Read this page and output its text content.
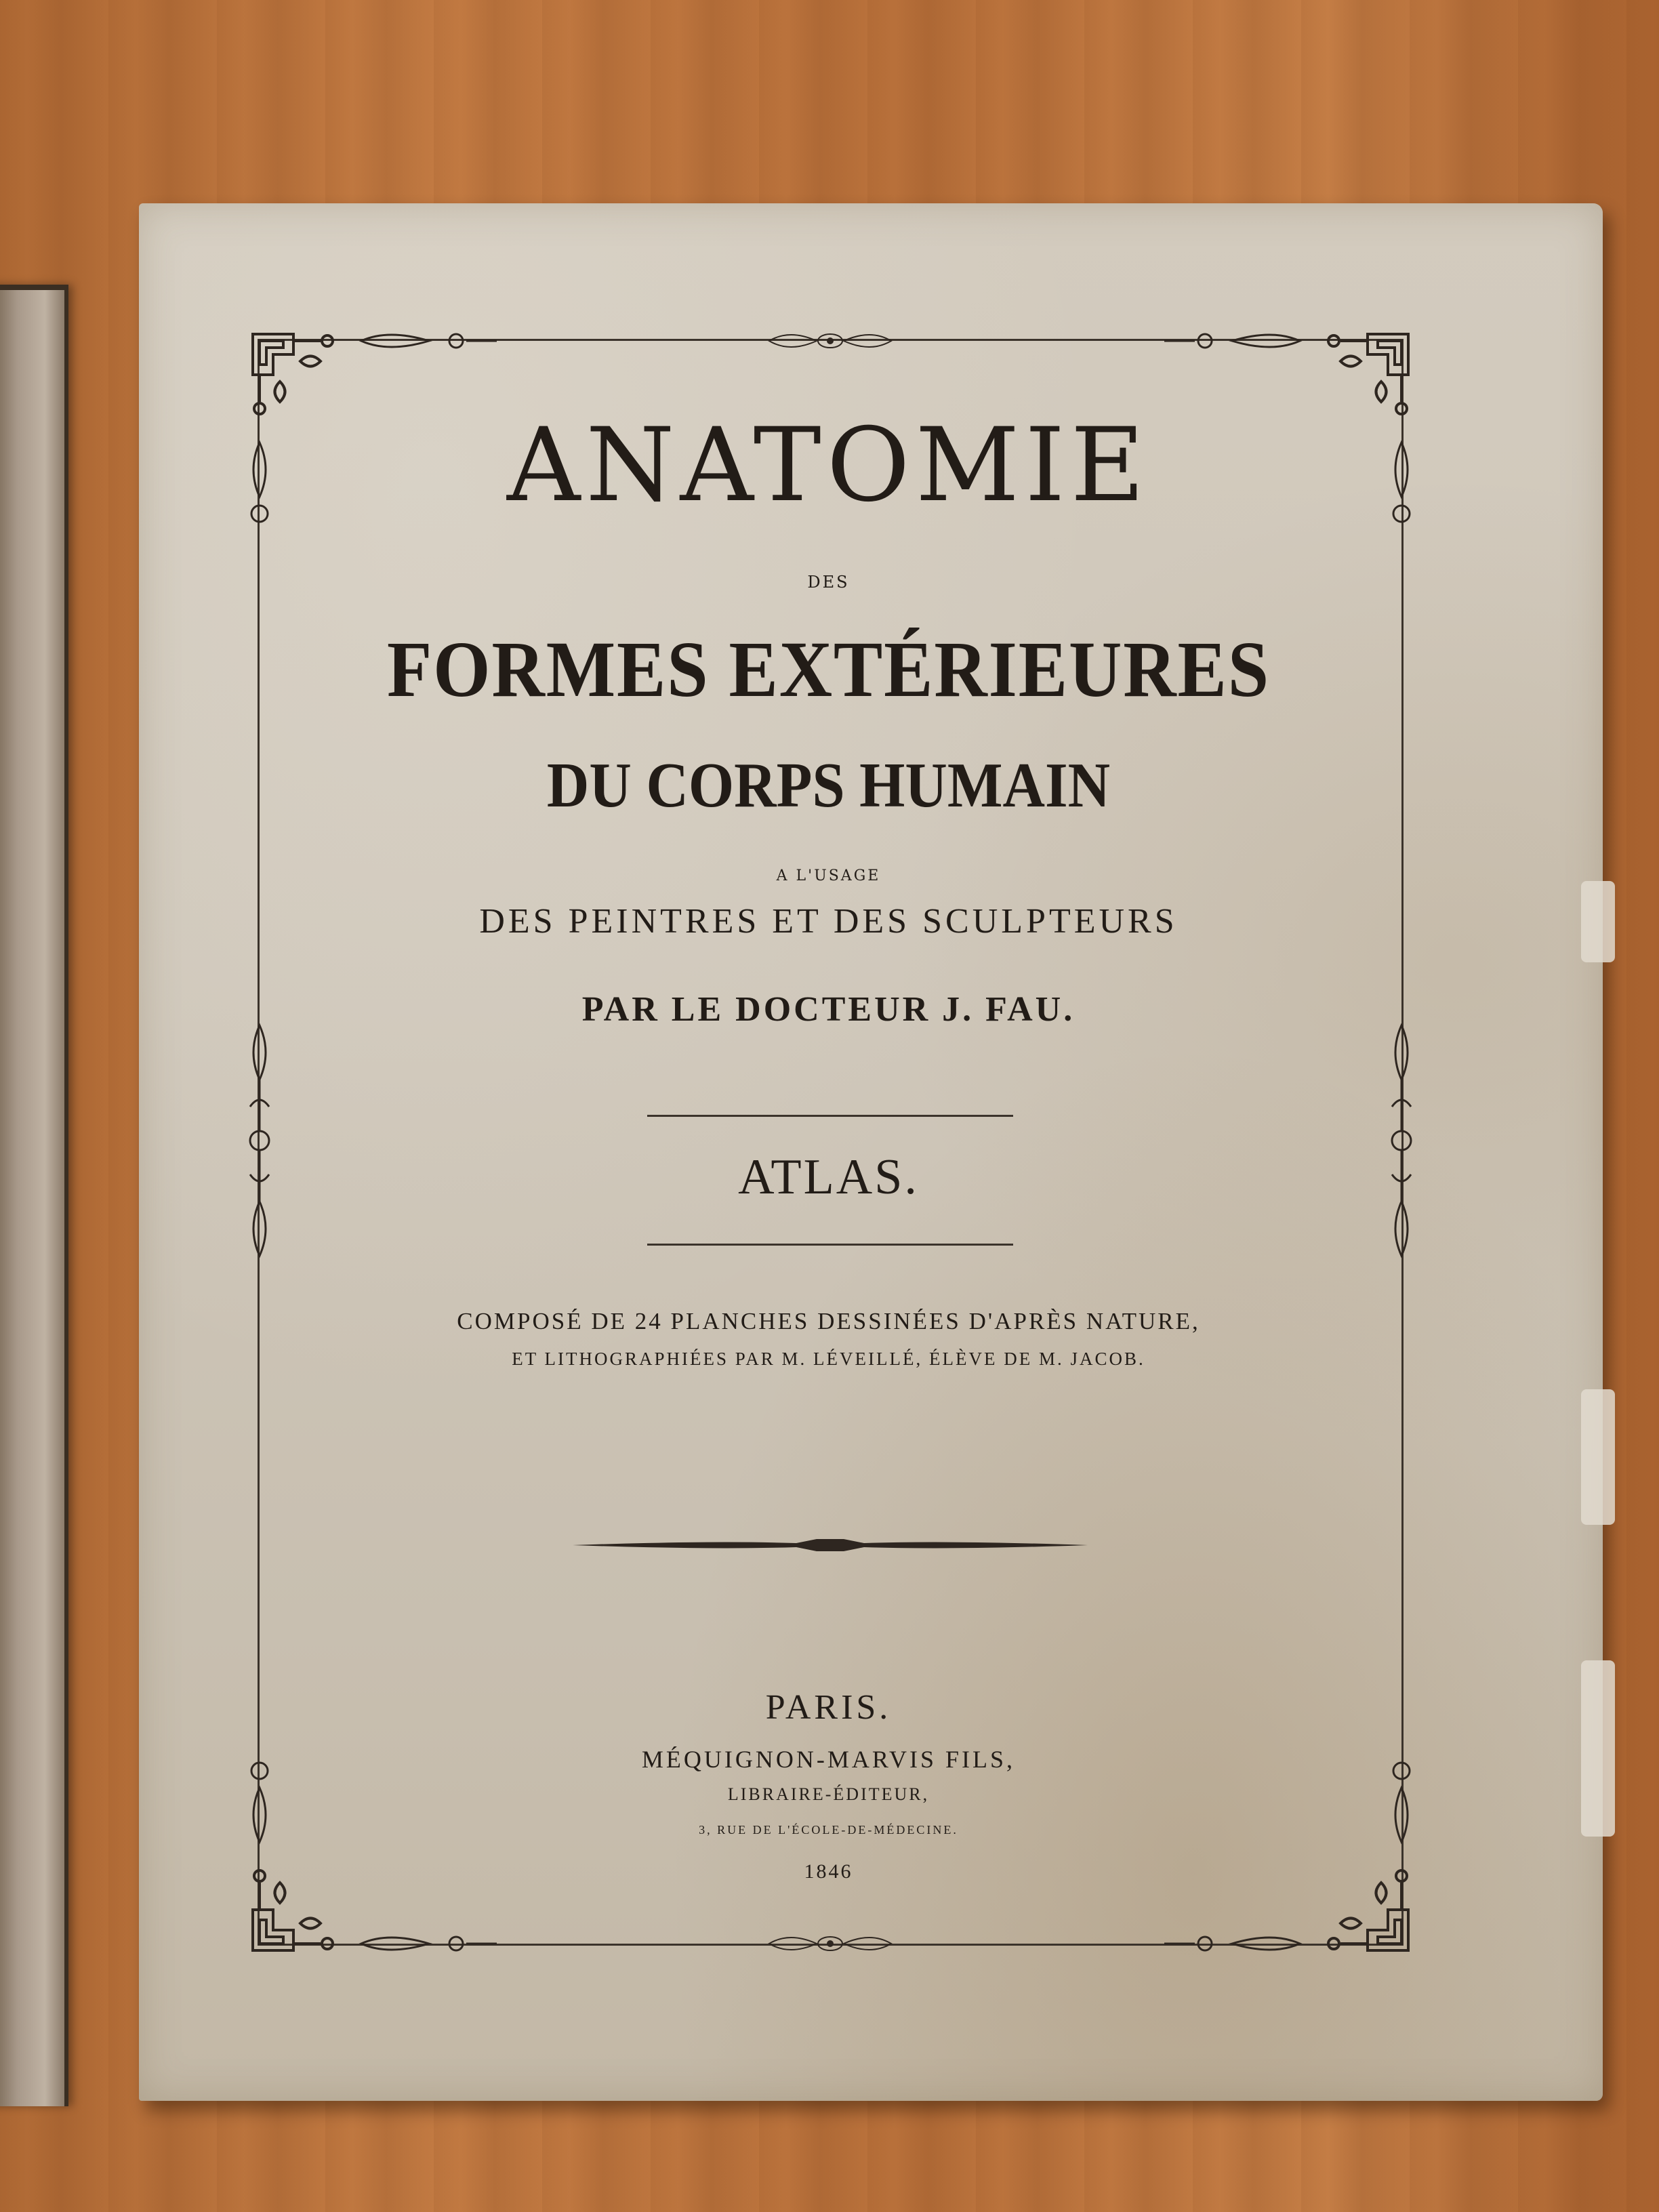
ANATOMIE
DES
FORMES EXTÉRIEURES
DU CORPS HUMAIN
A L'USAGE
DES PEINTRES ET DES SCULPTEURS
PAR LE DOCTEUR J. FAU.
ATLAS.
COMPOSÉ DE 24 PLANCHES DESSINÉES D'APRÈS NATURE,
ET LITHOGRAPHIÉES PAR M. LÉVEILLÉ, ÉLÈVE DE M. JACOB.
PARIS.
MÉQUIGNON-MARVIS FILS,
LIBRAIRE-ÉDITEUR,
3, RUE DE L'ÉCOLE-DE-MÉDECINE.
1846
